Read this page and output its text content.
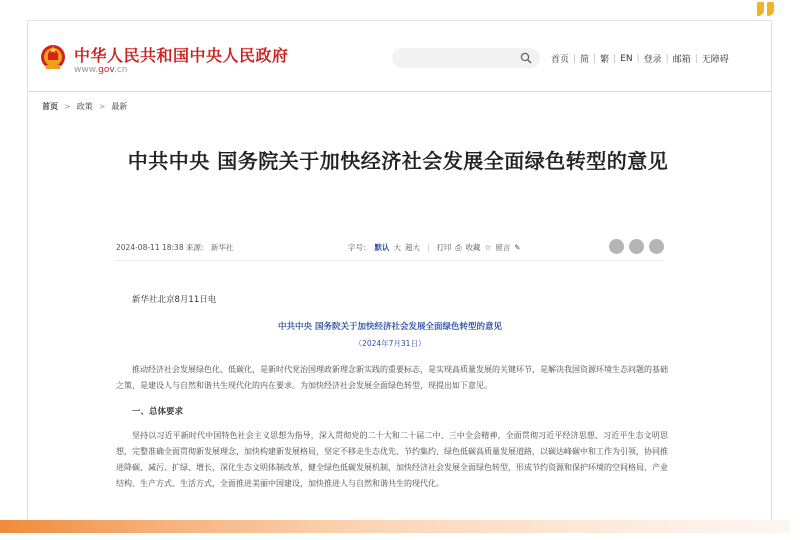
中华人民共和国中央人民政府
www.gov.cn
首页 | 简 | 繁 | EN | 登录 | 邮箱 | 无障碍
首页 > 政策 > 最新
中共中央 国务院关于加快经济社会发展全面绿色转型的意见
2024-08-11 18:38 来源： 新华社	字号： 默认 大 超大 | 打印 ⎙ 收藏 ☆ 留言 ✎
新华社北京8月11日电
中共中央 国务院关于加快经济社会发展全面绿色转型的意见
（2024年7月31日）

推动经济社会发展绿色化、低碳化，是新时代党治国理政新理念新实践的重要标志，是实现高质量发展的关键环节，是解决我国资源环境生态问题的基础之策，是建设人与自然和谐共生现代化的内在要求。为加快经济社会发展全面绿色转型，现提出如下意见。

一、总体要求

坚持以习近平新时代中国特色社会主义思想为指导，深入贯彻党的二十大和二十届二中、三中全会精神，全面贯彻习近平经济思想、习近平生态文明思想，完整准确全面贯彻新发展理念，加快构建新发展格局，坚定不移走生态优先、节约集约、绿色低碳高质量发展道路，以碳达峰碳中和工作为引领，协同推进降碳、减污、扩绿、增长，深化生态文明体制改革，健全绿色低碳发展机制，加快经济社会发展全面绿色转型，形成节约资源和保护环境的空间格局、产业结构、生产方式、生活方式，全面推进美丽中国建设，加快推进人与自然和谐共生的现代化。
